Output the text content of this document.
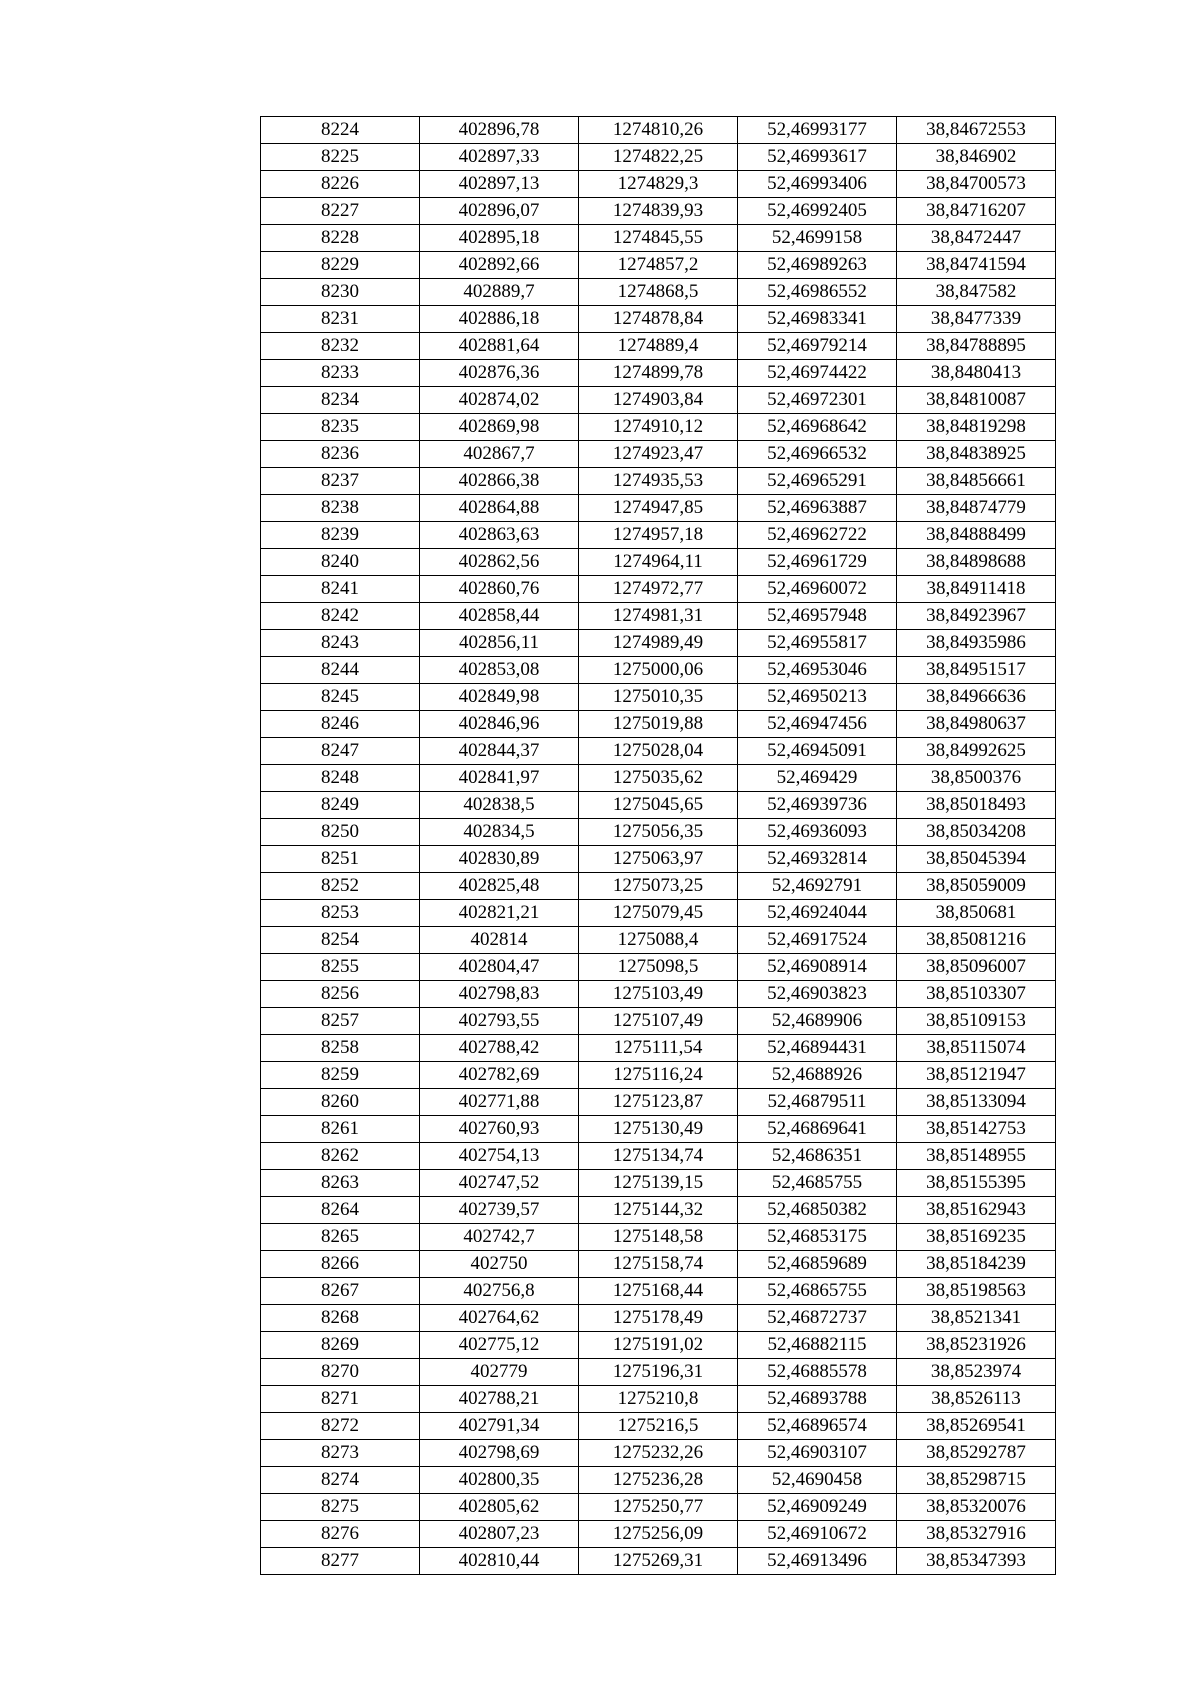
8224	402896,78	1274810,26	52,46993177	38,84672553
8225	402897,33	1274822,25	52,46993617	38,846902
8226	402897,13	1274829,3	52,46993406	38,84700573
8227	402896,07	1274839,93	52,46992405	38,84716207
8228	402895,18	1274845,55	52,4699158	38,8472447
8229	402892,66	1274857,2	52,46989263	38,84741594
8230	402889,7	1274868,5	52,46986552	38,847582
8231	402886,18	1274878,84	52,46983341	38,8477339
8232	402881,64	1274889,4	52,46979214	38,84788895
8233	402876,36	1274899,78	52,46974422	38,8480413
8234	402874,02	1274903,84	52,46972301	38,84810087
8235	402869,98	1274910,12	52,46968642	38,84819298
8236	402867,7	1274923,47	52,46966532	38,84838925
8237	402866,38	1274935,53	52,46965291	38,84856661
8238	402864,88	1274947,85	52,46963887	38,84874779
8239	402863,63	1274957,18	52,46962722	38,84888499
8240	402862,56	1274964,11	52,46961729	38,84898688
8241	402860,76	1274972,77	52,46960072	38,84911418
8242	402858,44	1274981,31	52,46957948	38,84923967
8243	402856,11	1274989,49	52,46955817	38,84935986
8244	402853,08	1275000,06	52,46953046	38,84951517
8245	402849,98	1275010,35	52,46950213	38,84966636
8246	402846,96	1275019,88	52,46947456	38,84980637
8247	402844,37	1275028,04	52,46945091	38,84992625
8248	402841,97	1275035,62	52,469429	38,8500376
8249	402838,5	1275045,65	52,46939736	38,85018493
8250	402834,5	1275056,35	52,46936093	38,85034208
8251	402830,89	1275063,97	52,46932814	38,85045394
8252	402825,48	1275073,25	52,4692791	38,85059009
8253	402821,21	1275079,45	52,46924044	38,850681
8254	402814	1275088,4	52,46917524	38,85081216
8255	402804,47	1275098,5	52,46908914	38,85096007
8256	402798,83	1275103,49	52,46903823	38,85103307
8257	402793,55	1275107,49	52,4689906	38,85109153
8258	402788,42	1275111,54	52,46894431	38,85115074
8259	402782,69	1275116,24	52,4688926	38,85121947
8260	402771,88	1275123,87	52,46879511	38,85133094
8261	402760,93	1275130,49	52,46869641	38,85142753
8262	402754,13	1275134,74	52,4686351	38,85148955
8263	402747,52	1275139,15	52,4685755	38,85155395
8264	402739,57	1275144,32	52,46850382	38,85162943
8265	402742,7	1275148,58	52,46853175	38,85169235
8266	402750	1275158,74	52,46859689	38,85184239
8267	402756,8	1275168,44	52,46865755	38,85198563
8268	402764,62	1275178,49	52,46872737	38,8521341
8269	402775,12	1275191,02	52,46882115	38,85231926
8270	402779	1275196,31	52,46885578	38,8523974
8271	402788,21	1275210,8	52,46893788	38,8526113
8272	402791,34	1275216,5	52,46896574	38,85269541
8273	402798,69	1275232,26	52,46903107	38,85292787
8274	402800,35	1275236,28	52,4690458	38,85298715
8275	402805,62	1275250,77	52,46909249	38,85320076
8276	402807,23	1275256,09	52,46910672	38,85327916
8277	402810,44	1275269,31	52,46913496	38,85347393
